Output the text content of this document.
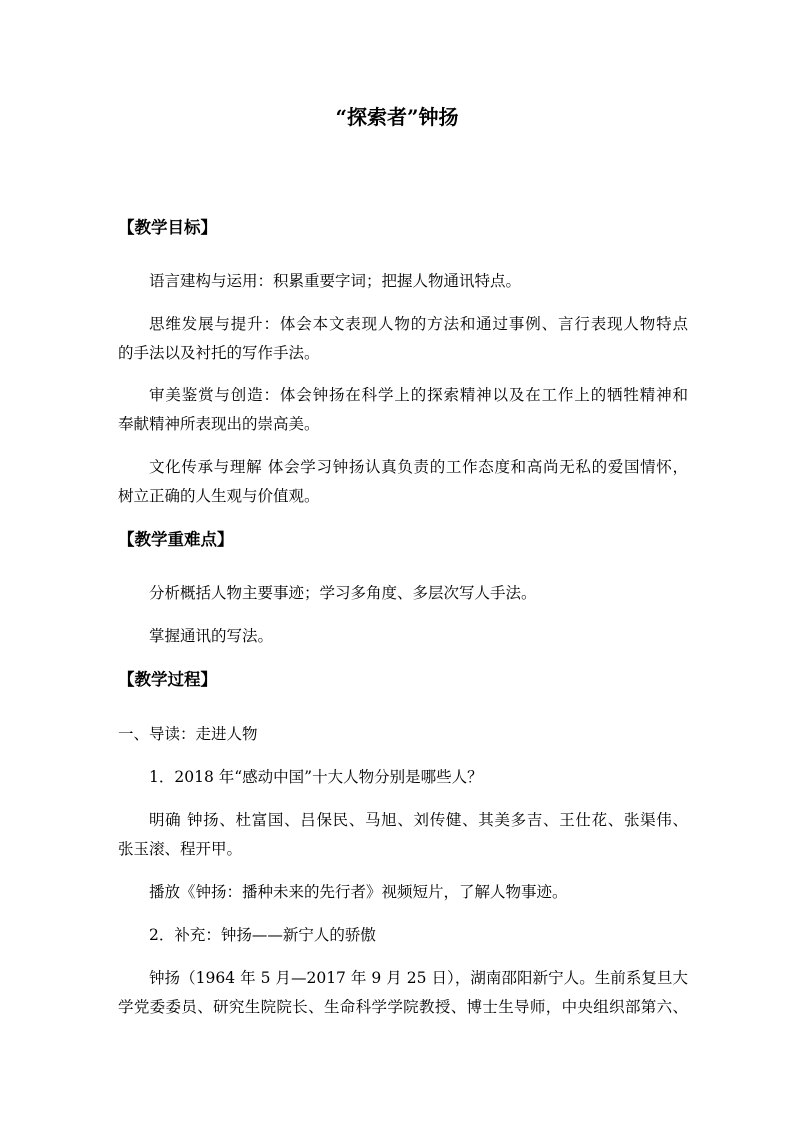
“探索者”钟扬
【教学目标】
语言建构与运用：积累重要字词；把握人物通讯特点。
思维发展与提升：体会本文表现人物的方法和通过事例、言行表现人物特点
的手法以及衬托的写作手法。
审美鉴赏与创造：体会钟扬在科学上的探索精神以及在工作上的牺牲精神和
奉献精神所表现出的崇高美。
文化传承与理解 体会学习钟扬认真负责的工作态度和高尚无私的爱国情怀，
树立正确的人生观与价值观。
【教学重难点】
分析概括人物主要事迹；学习多角度、多层次写人手法。
掌握通讯的写法。
【教学过程】
一、导读：走进人物
1．2018 年“感动中国”十大人物分别是哪些人？
明确 钟扬、杜富国、吕保民、马旭、刘传健、其美多吉、王仕花、张渠伟、
张玉滚、程开甲。
播放《钟扬：播种未来的先行者》视频短片，了解人物事迹。
2．补充：钟扬——新宁人的骄傲
钟扬（1964 年 5 月—2017 年 9 月 25 日），湖南邵阳新宁人。生前系复旦大
学党委委员、研究生院院长、生命科学学院教授、博士生导师，中央组织部第六、
